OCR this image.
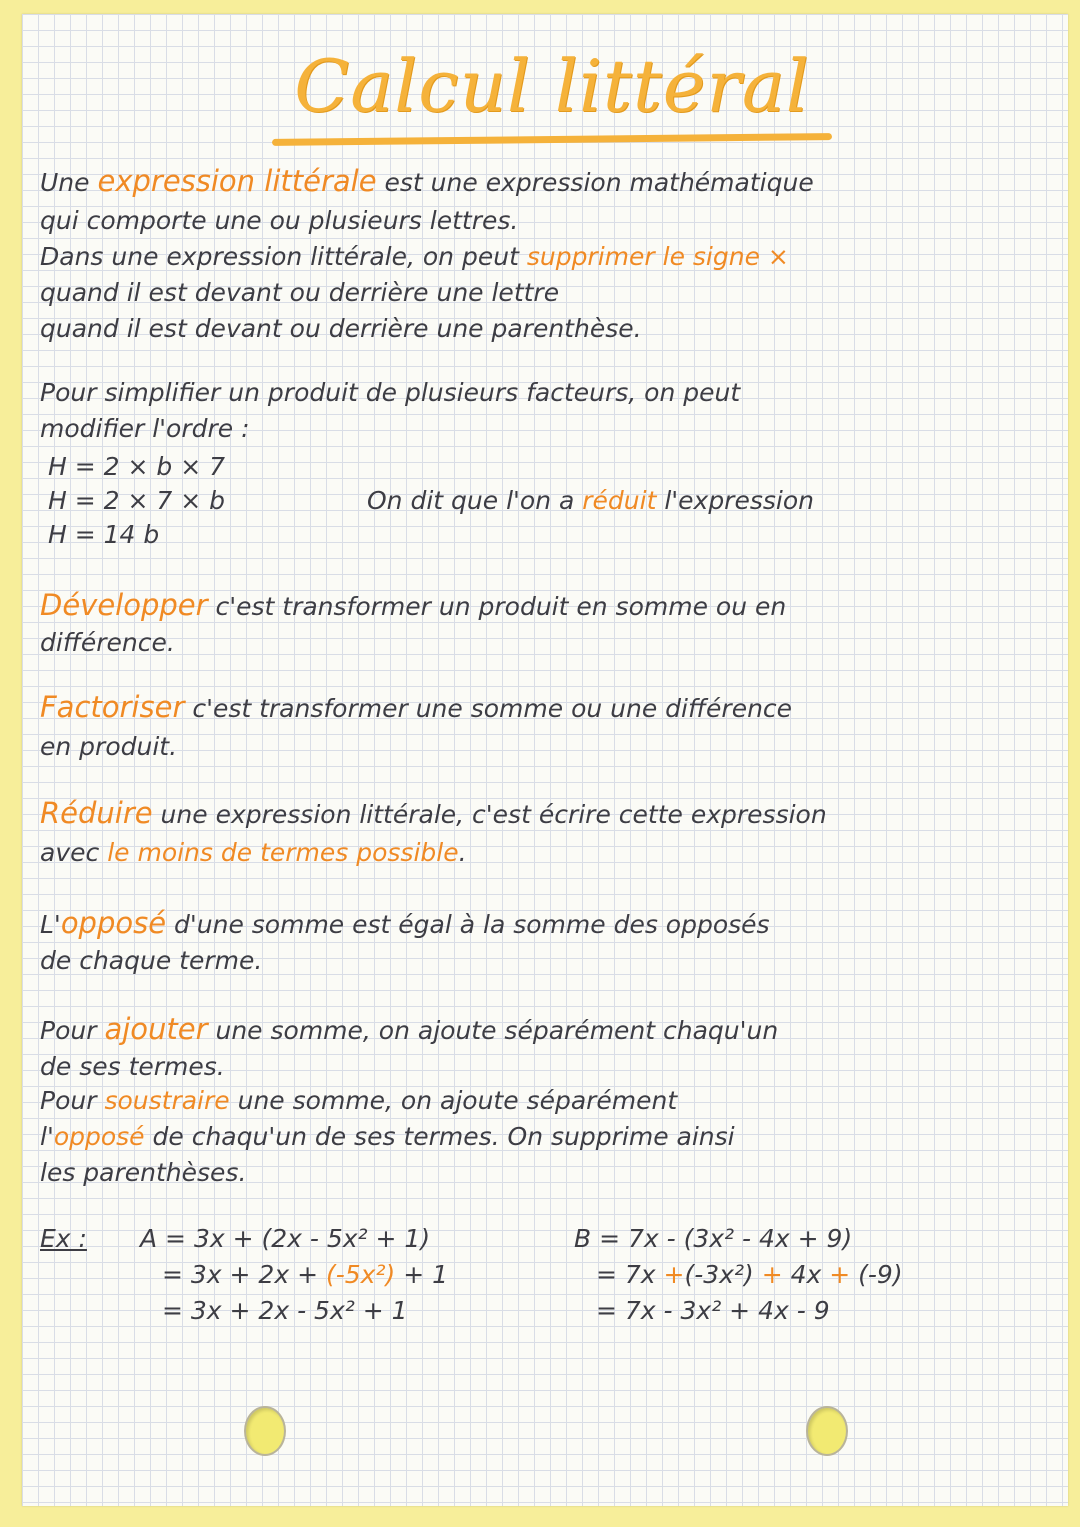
Calcul littéral
Une expression littérale est une expression mathématique
qui comporte une ou plusieurs lettres.
Dans une expression littérale, on peut supprimer le signe ×
quand il est devant ou derrière une lettre
quand il est devant ou derrière une parenthèse.
Pour simplifier un produit de plusieurs facteurs, on peut
modifier l'ordre :
H = 2 × b × 7
H = 2 × 7 × b
H = 14 b
On dit que l'on a réduit l'expression
Développer c'est transformer un produit en somme ou en
différence.
Factoriser c'est transformer une somme ou une différence
en produit.
Réduire une expression littérale, c'est écrire cette expression
avec le moins de termes possible.
L'opposé d'une somme est égal à la somme des opposés
de chaque terme.
Pour ajouter une somme, on ajoute séparément chaqu'un
de ses termes.
Pour soustraire une somme, on ajoute séparément
l'opposé de chaqu'un de ses termes. On supprime ainsi
les parenthèses.
Ex : A = 3x + (2x - 5x² + 1)
= 3x + 2x + (-5x²) + 1
= 3x + 2x - 5x² + 1
B = 7x - (3x² - 4x + 9)
= 7x +(-3x²) + 4x + (-9)
= 7x - 3x² + 4x - 9
